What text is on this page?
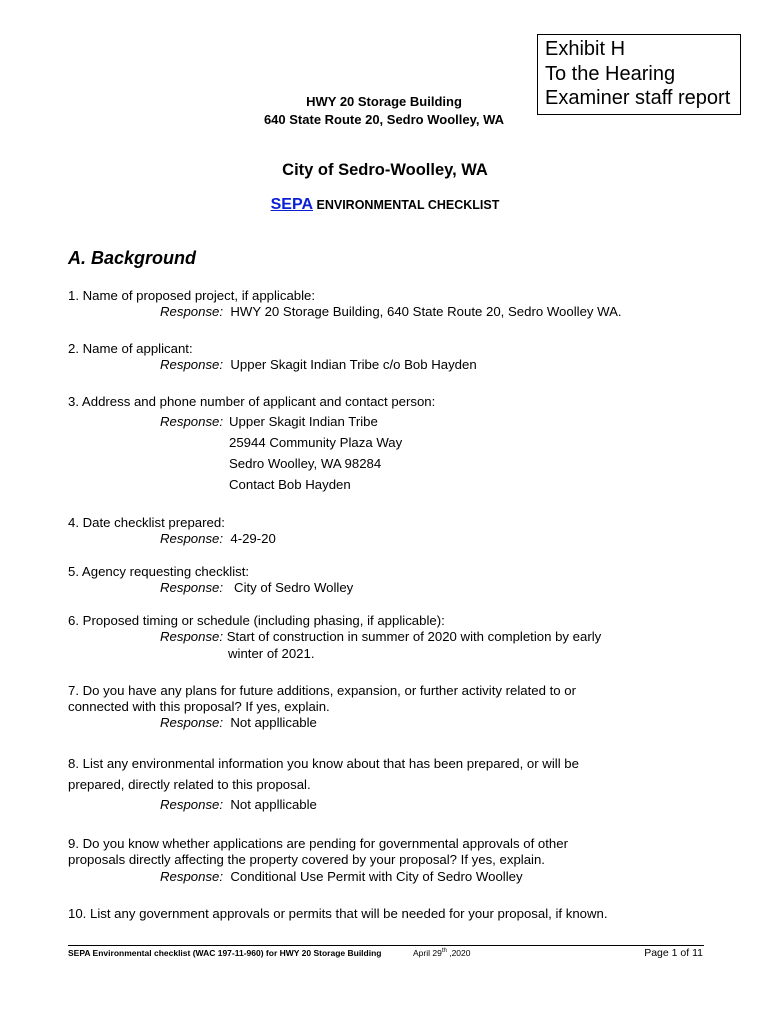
Exhibit H
To the Hearing
Examiner staff report
HWY 20 Storage Building
640 State Route 20, Sedro Woolley, WA
City of Sedro-Woolley, WA
SEPA ENVIRONMENTAL CHECKLIST
A. Background
1. Name of proposed project, if applicable:
Response: HWY 20 Storage Building, 640 State Route 20, Sedro Woolley WA.
2. Name of applicant:
Response: Upper Skagit Indian Tribe c/o Bob Hayden
3. Address and phone number of applicant and contact person:
Response: Upper Skagit Indian Tribe
25944 Community Plaza Way
Sedro Woolley, WA 98284
Contact Bob Hayden
4. Date checklist prepared:
Response: 4-29-20
5. Agency requesting checklist:
Response: City of Sedro Wolley
6. Proposed timing or schedule (including phasing, if applicable):
Response: Start of construction in summer of 2020 with completion by early
winter of 2021.
7. Do you have any plans for future additions, expansion, or further activity related to or
connected with this proposal? If yes, explain.
Response: Not appllicable
8. List any environmental information you know about that has been prepared, or will be
prepared, directly related to this proposal.
Response: Not appllicable
9. Do you know whether applications are pending for governmental approvals of other
proposals directly affecting the property covered by your proposal? If yes, explain.
Response: Conditional Use Permit with City of Sedro Woolley
10. List any government approvals or permits that will be needed for your proposal, if known.
SEPA Environmental checklist (WAC 197-11-960) for HWY 20 Storage Building	April 29th ,2020	Page 1 of 11
